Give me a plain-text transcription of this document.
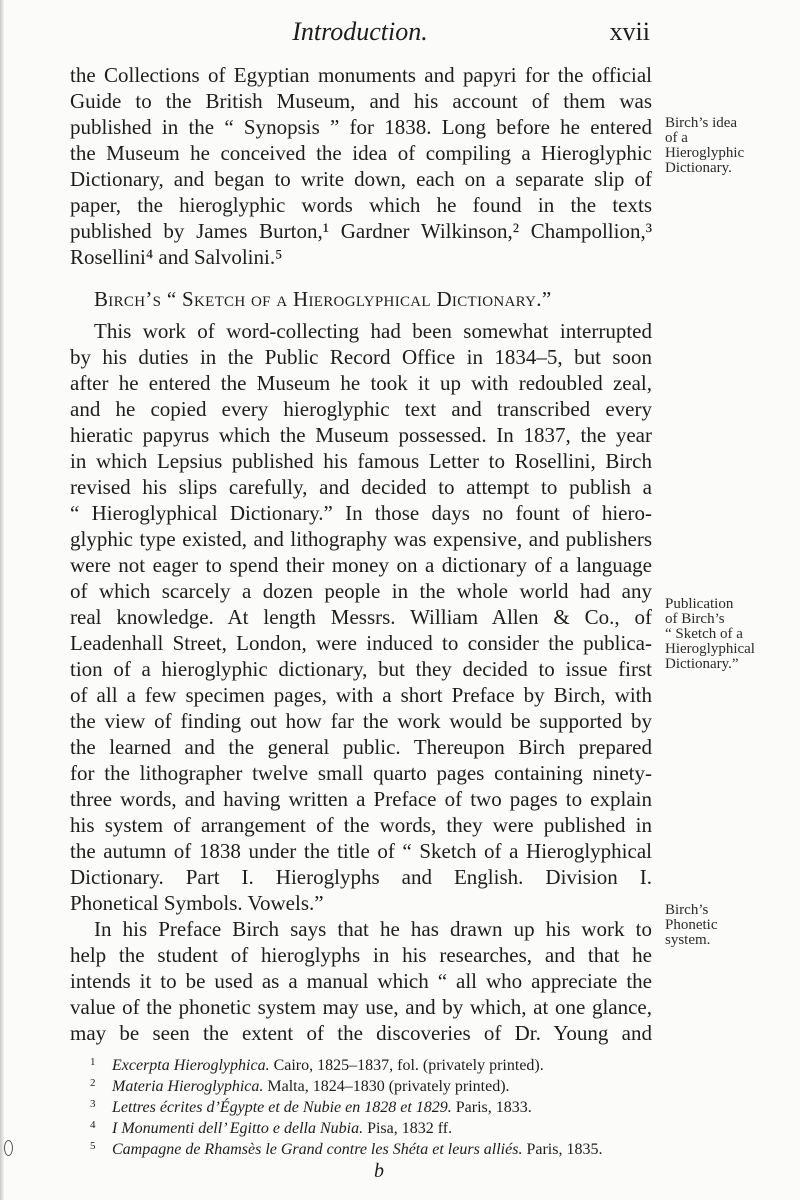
Introduction.	xvii
the Collections of Egyptian monuments and papyri for the official
Guide to the British Museum, and his account of them was
published in the “ Synopsis ” for 1838. Long before he entered
the Museum he conceived the idea of compiling a Hieroglyphic
Dictionary, and began to write down, each on a separate slip of
paper, the hieroglyphic words which he found in the texts
published by James Burton,¹ Gardner Wilkinson,² Champollion,³
Rosellini⁴ and Salvolini.⁵
Birch’s “ Sketch of a Hieroglyphical Dictionary.”
This work of word-collecting had been somewhat interrupted
by his duties in the Public Record Office in 1834–5, but soon
after he entered the Museum he took it up with redoubled zeal,
and he copied every hieroglyphic text and transcribed every
hieratic papyrus which the Museum possessed. In 1837, the year
in which Lepsius published his famous Letter to Rosellini, Birch
revised his slips carefully, and decided to attempt to publish a
“ Hieroglyphical Dictionary.” In those days no fount of hiero-
glyphic type existed, and lithography was expensive, and publishers
were not eager to spend their money on a dictionary of a language
of which scarcely a dozen people in the whole world had any
real knowledge. At length Messrs. William Allen & Co., of
Leadenhall Street, London, were induced to consider the publica-
tion of a hieroglyphic dictionary, but they decided to issue first
of all a few specimen pages, with a short Preface by Birch, with
the view of finding out how far the work would be supported by
the learned and the general public. Thereupon Birch prepared
for the lithographer twelve small quarto pages containing ninety-
three words, and having written a Preface of two pages to explain
his system of arrangement of the words, they were published in
the autumn of 1838 under the title of “ Sketch of a Hieroglyphical
Dictionary. Part I. Hieroglyphs and English. Division I.
Phonetical Symbols. Vowels.”
In his Preface Birch says that he has drawn up his work to
help the student of hieroglyphs in his researches, and that he
intends it to be used as a manual which “ all who appreciate the
value of the phonetic system may use, and by which, at one glance,
may be seen the extent of the discoveries of Dr. Young and
1 Excerpta Hieroglyphica. Cairo, 1825–1837, fol. (privately printed).
2 Materia Hieroglyphica. Malta, 1824–1830 (privately printed).
3 Lettres écrites d’Égypte et de Nubie en 1828 et 1829. Paris, 1833.
4 I Monumenti dell’ Egitto e della Nubia. Pisa, 1832 ff.
5 Campagne de Rhamsès le Grand contre les Shéta et leurs alliés. Paris, 1835.
b
Birch’s idea
of a
Hieroglyphic
Dictionary.
Publication
of Birch’s
“ Sketch of a
Hieroglyphical
Dictionary.”
Birch’s
Phonetic
system.
